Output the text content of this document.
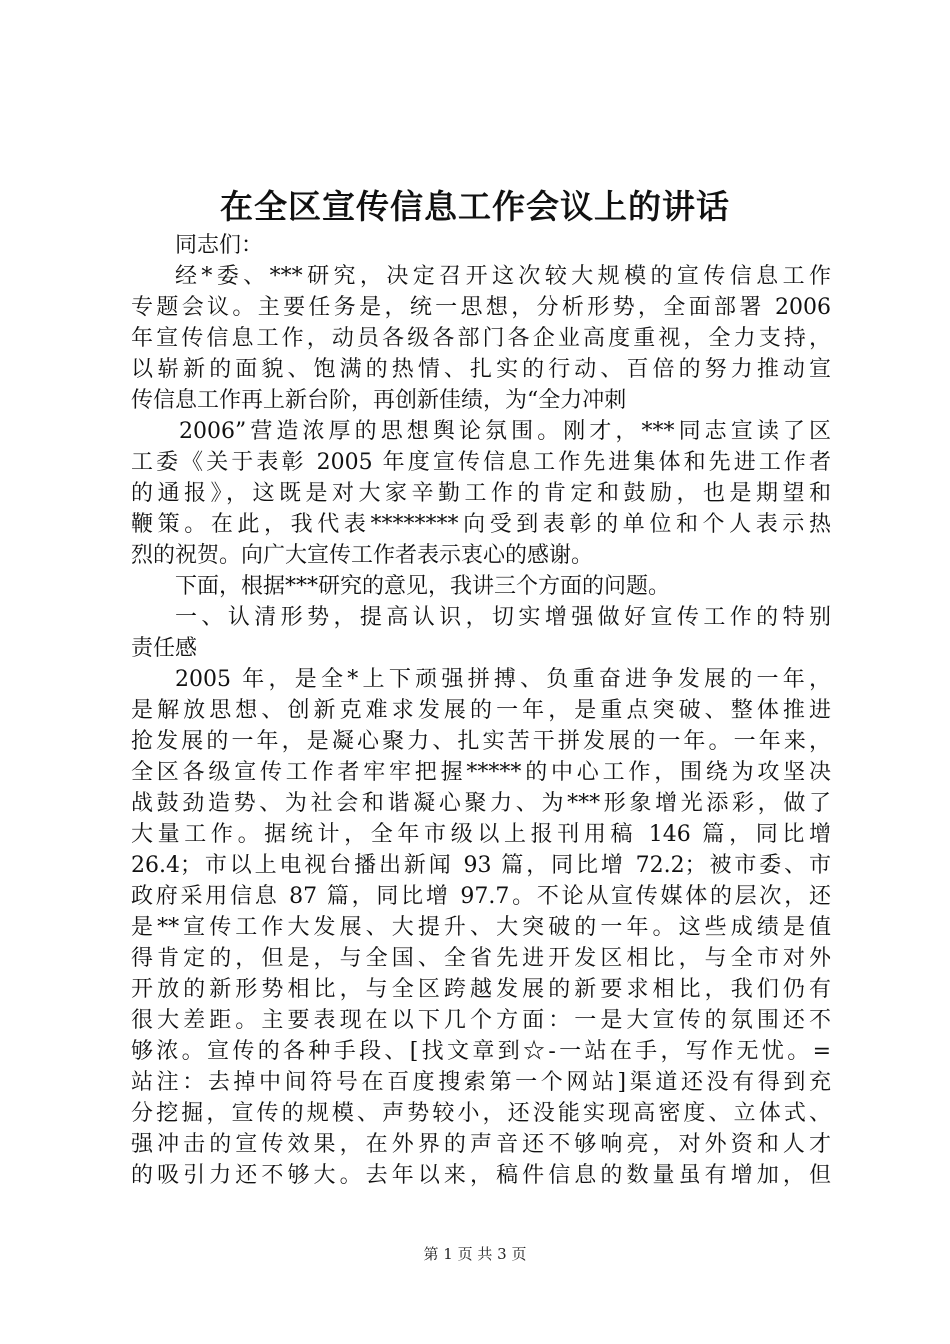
在全区宣传信息工作会议上的讲话
同志们：
经*委、***研究，决定召开这次较大规模的宣传信息工作
专题会议。主要任务是，统一思想，分析形势，全面部署 2006
年宣传信息工作，动员各级各部门各企业高度重视，全力支持，
以崭新的面貌、饱满的热情、扎实的行动、百倍的努力推动宣
传信息工作再上新台阶，再创新佳绩，为“全力冲刺
2006”营造浓厚的思想舆论氛围。刚才，***同志宣读了区
工委《关于表彰 2005 年度宣传信息工作先进集体和先进工作者
的通报》，这既是对大家辛勤工作的肯定和鼓励，也是期望和
鞭策。在此，我代表********向受到表彰的单位和个人表示热
烈的祝贺。向广大宣传工作者表示衷心的感谢。
下面，根据***研究的意见，我讲三个方面的问题。
一、认清形势，提高认识，切实增强做好宣传工作的特别
责任感
2005 年，是全*上下顽强拼搏、负重奋进争发展的一年，
是解放思想、创新克难求发展的一年，是重点突破、整体推进
抢发展的一年，是凝心聚力、扎实苦干拼发展的一年。一年来，
全区各级宣传工作者牢牢把握*****的中心工作，围绕为攻坚决
战鼓劲造势、为社会和谐凝心聚力、为***形象增光添彩，做了
大量工作。据统计，全年市级以上报刊用稿 146 篇，同比增
26.4；市以上电视台播出新闻 93 篇，同比增 72.2；被市委、市
政府采用信息 87 篇，同比增 97.7。不论从宣传媒体的层次，还
是**宣传工作大发展、大提升、大突破的一年。这些成绩是值
得肯定的，但是，与全国、全省先进开发区相比，与全市对外
开放的新形势相比，与全区跨越发展的新要求相比，我们仍有
很大差距。主要表现在以下几个方面：一是大宣传的氛围还不
够浓。宣传的各种手段、[找文章到☆-一站在手，写作无忧。=
站注：去掉中间符号在百度搜索第一个网站]渠道还没有得到充
分挖掘，宣传的规模、声势较小，还没能实现高密度、立体式、
强冲击的宣传效果，在外界的声音还不够响亮，对外资和人才
的吸引力还不够大。去年以来，稿件信息的数量虽有增加，但
第 1 页 共 3 页
